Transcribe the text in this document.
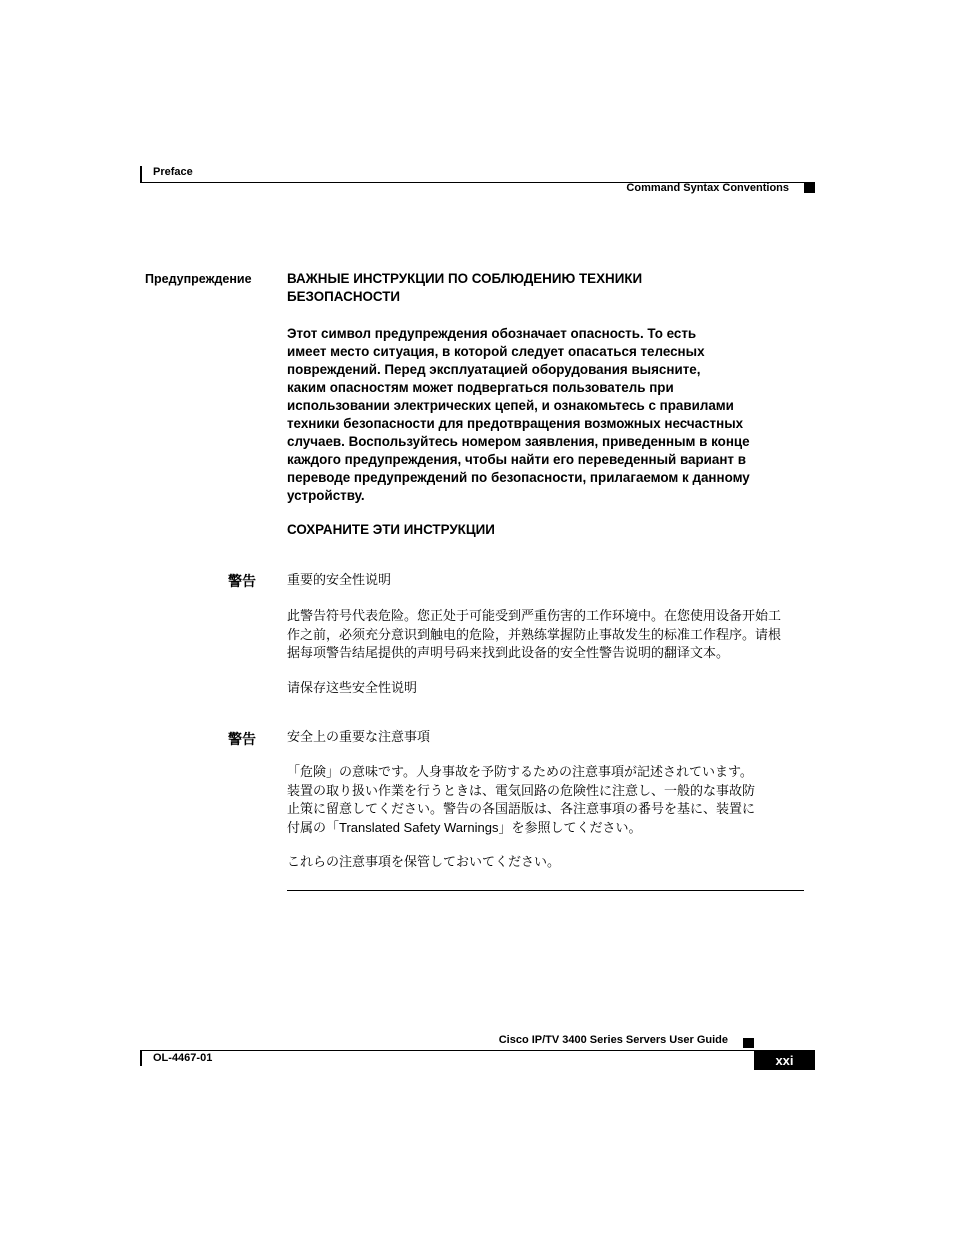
Preface
Command Syntax Conventions
Предупреждение	ВАЖНЫЕ ИНСТРУКЦИИ ПО СОБЛЮДЕНИЮ ТЕХНИКИ

БЕЗОПАСНОСТИ

Этот символ предупреждения обозначает опасность. То есть

имеет место ситуация, в которой следует опасаться телесных

повреждений. Перед эксплуатацией оборудования выясните,

каким опасностям может подвергаться пользователь при

использовании электрических цепей, и ознакомьтесь с правилами

техники безопасности для предотвращения возможных несчастных

случаев. Воспользуйтесь номером заявления, приведенным в конце

каждого предупреждения, чтобы найти его переведенный вариант в

переводе предупреждений по безопасности, прилагаемом к данному

устройству.

СОХРАНИТЕ ЭТИ ИНСТРУКЦИИ
警告 重要的安全性说明

此警告符号代表危险。您正处于可能受到严重伤害的工作环境中。在您使用设备开始工

作之前，必须充分意识到触电的危险，并熟练掌握防止事故发生的标准工作程序。请根

据每项警告结尾提供的声明号码来找到此设备的安全性警告说明的翻译文本。

请保存这些安全性说明
警告 安全上の重要な注意事項

「危険」の意味です。人身事故を予防するための注意事項が記述されています。

装置の取り扱い作業を行うときは、電気回路の危険性に注意し、一般的な事故防

止策に留意してください。警告の各国語版は、各注意事項の番号を基に、装置に

付属の「Translated Safety Warnings」を参照してください。

これらの注意事項を保管しておいてください。
Cisco IP/TV 3400 Series Servers User Guide
OL-4467-01	xxi
